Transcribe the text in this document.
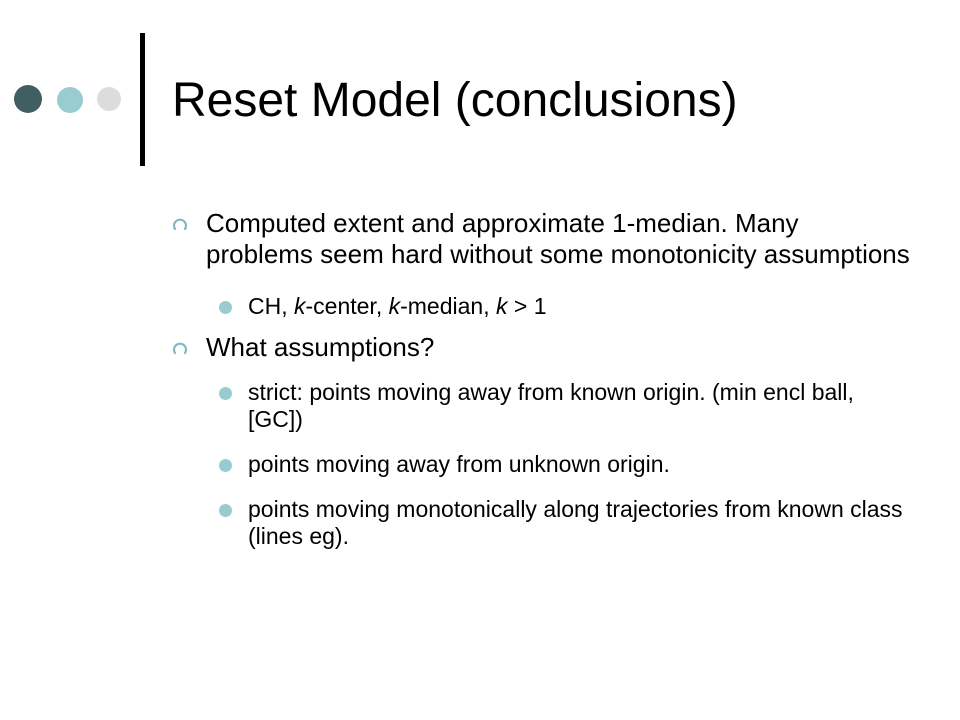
Reset Model (conclusions)
Computed extent and approximate 1-median. Many problems seem hard without some monotonicity assumptions
CH, k-center, k-median, k > 1
What assumptions?
strict: points moving away from known origin. (min encl ball, [GC])
points moving away from unknown origin.
points moving monotonically along trajectories from known class (lines eg).
